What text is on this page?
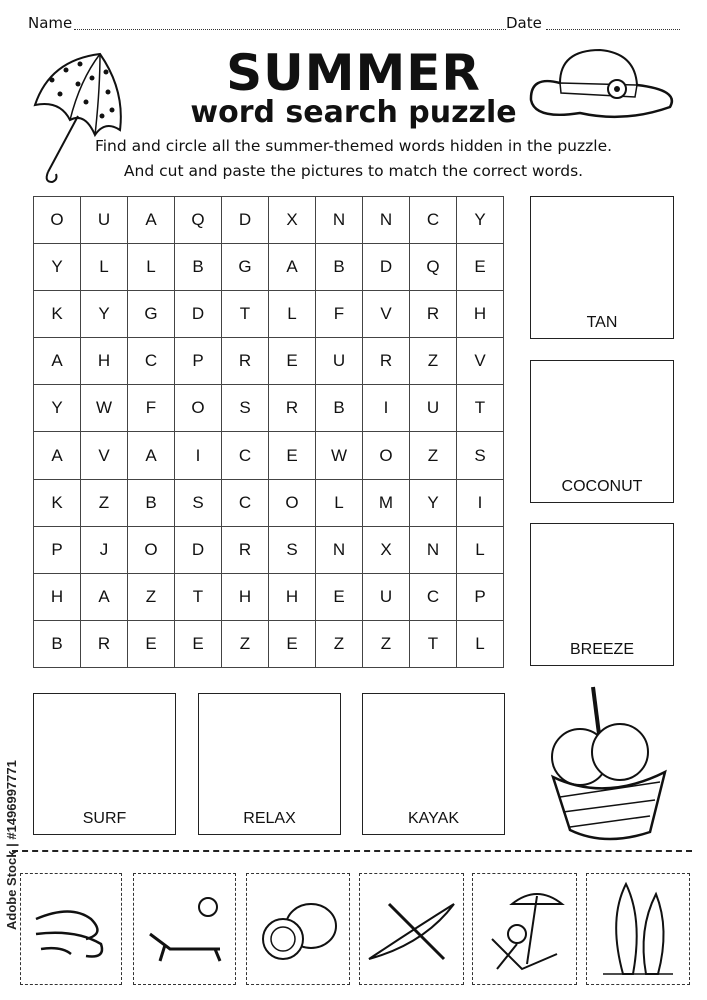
Name	Date
SUMMER
word search puzzle
Find and circle all the summer-themed words hidden in the puzzle.
And cut and paste the pictures to match the correct words.
O	U	A	Q	D	X	N	N	C	Y
Y	L	L	B	G	A	B	D	Q	E
K	Y	G	D	T	L	F	V	R	H
A	H	C	P	R	E	U	R	Z	V
Y	W	F	O	S	R	B	I	U	T
A	V	A	I	C	E	W	O	Z	S
K	Z	B	S	C	O	L	M	Y	I
P	J	O	D	R	S	N	X	N	L
H	A	Z	T	H	H	E	U	C	P
B	R	E	E	Z	E	Z	Z	T	L
TAN
COCONUT
BREEZE
SURF	RELAX	KAYAK
Adobe Stock | #1496997771
